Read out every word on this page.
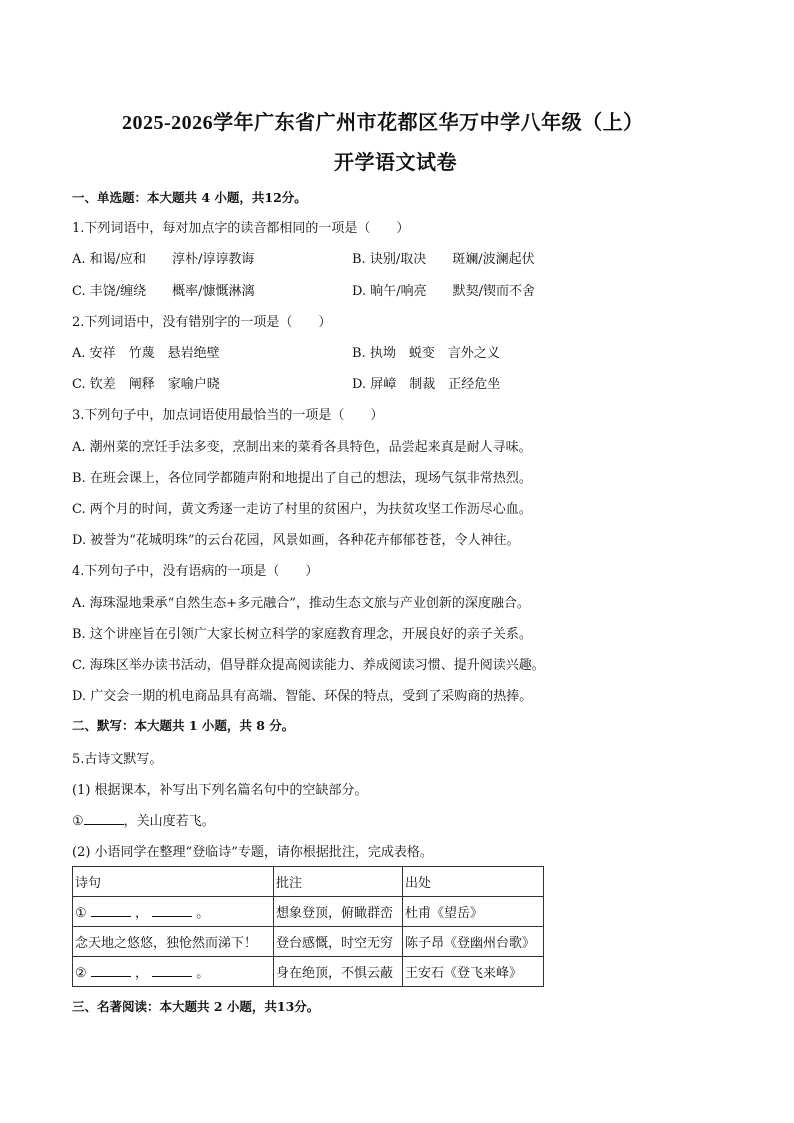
2025-2026学年广东省广州市花都区华万中学八年级（上）
开学语文试卷
一、单选题：本大题共 4 小题，共12分。
1.下列词语中，每对加点字的读音都相同的一项是（　　）
A. 和谒/应和　　淳朴/谆谆教诲	B. 诀别/取决　　斑斓/波澜起伏
C. 丰饶/缠绕　　概率/慷慨淋漓	D. 晌午/响亮　　默契/锲而不舍
2.下列词语中，没有错别字的一项是（　　）
A. 安祥　竹蔑　悬岩绝壁	B. 执坳　蜕变　言外之义
C. 钦差　阐释　家喻户晓	D. 屏嶂　制裁　正经危坐
3.下列句子中，加点词语使用最恰当的一项是（　　）
A. 潮州菜的烹饪手法多变，烹制出来的菜肴各具特色，品尝起来真是耐人寻味。
B. 在班会课上，各位同学都随声附和地提出了自己的想法，现场气氛非常热烈。
C. 两个月的时间，黄文秀逐一走访了村里的贫困户，为扶贫攻坚工作沥尽心血。
D. 被誉为“花城明珠”的云台花园，风景如画，各种花卉郁郁苍苍，令人神往。
4.下列句子中，没有语病的一项是（　　）
A. 海珠湿地秉承“自然生态+多元融合”，推动生态文旅与产业创新的深度融合。
B. 这个讲座旨在引领广大家长树立科学的家庭教育理念，开展良好的亲子关系。
C. 海珠区举办读书活动，倡导群众提高阅读能力、养成阅读习惯、提升阅读兴趣。
D. 广交会一期的机电商品具有高端、智能、环保的特点，受到了采购商的热捧。
二、默写：本大题共 1 小题，共 8 分。
5.古诗文默写。
(1) 根据课本，补写出下列名篇名句中的空缺部分。
①	，关山度若飞。
(2) 小语同学在整理“登临诗”专题，请你根据批注，完成表格。
诗句	批注	出处
① ， 。	想象登顶，俯瞰群峦	杜甫《望岳》
念天地之悠悠，独怆然而涕下！	登台感慨，时空无穷	陈子昂《登幽州台歌》
② ， 。	身在绝顶，不惧云蔽	王安石《登飞来峰》
三、名著阅读：本大题共 2 小题，共13分。
